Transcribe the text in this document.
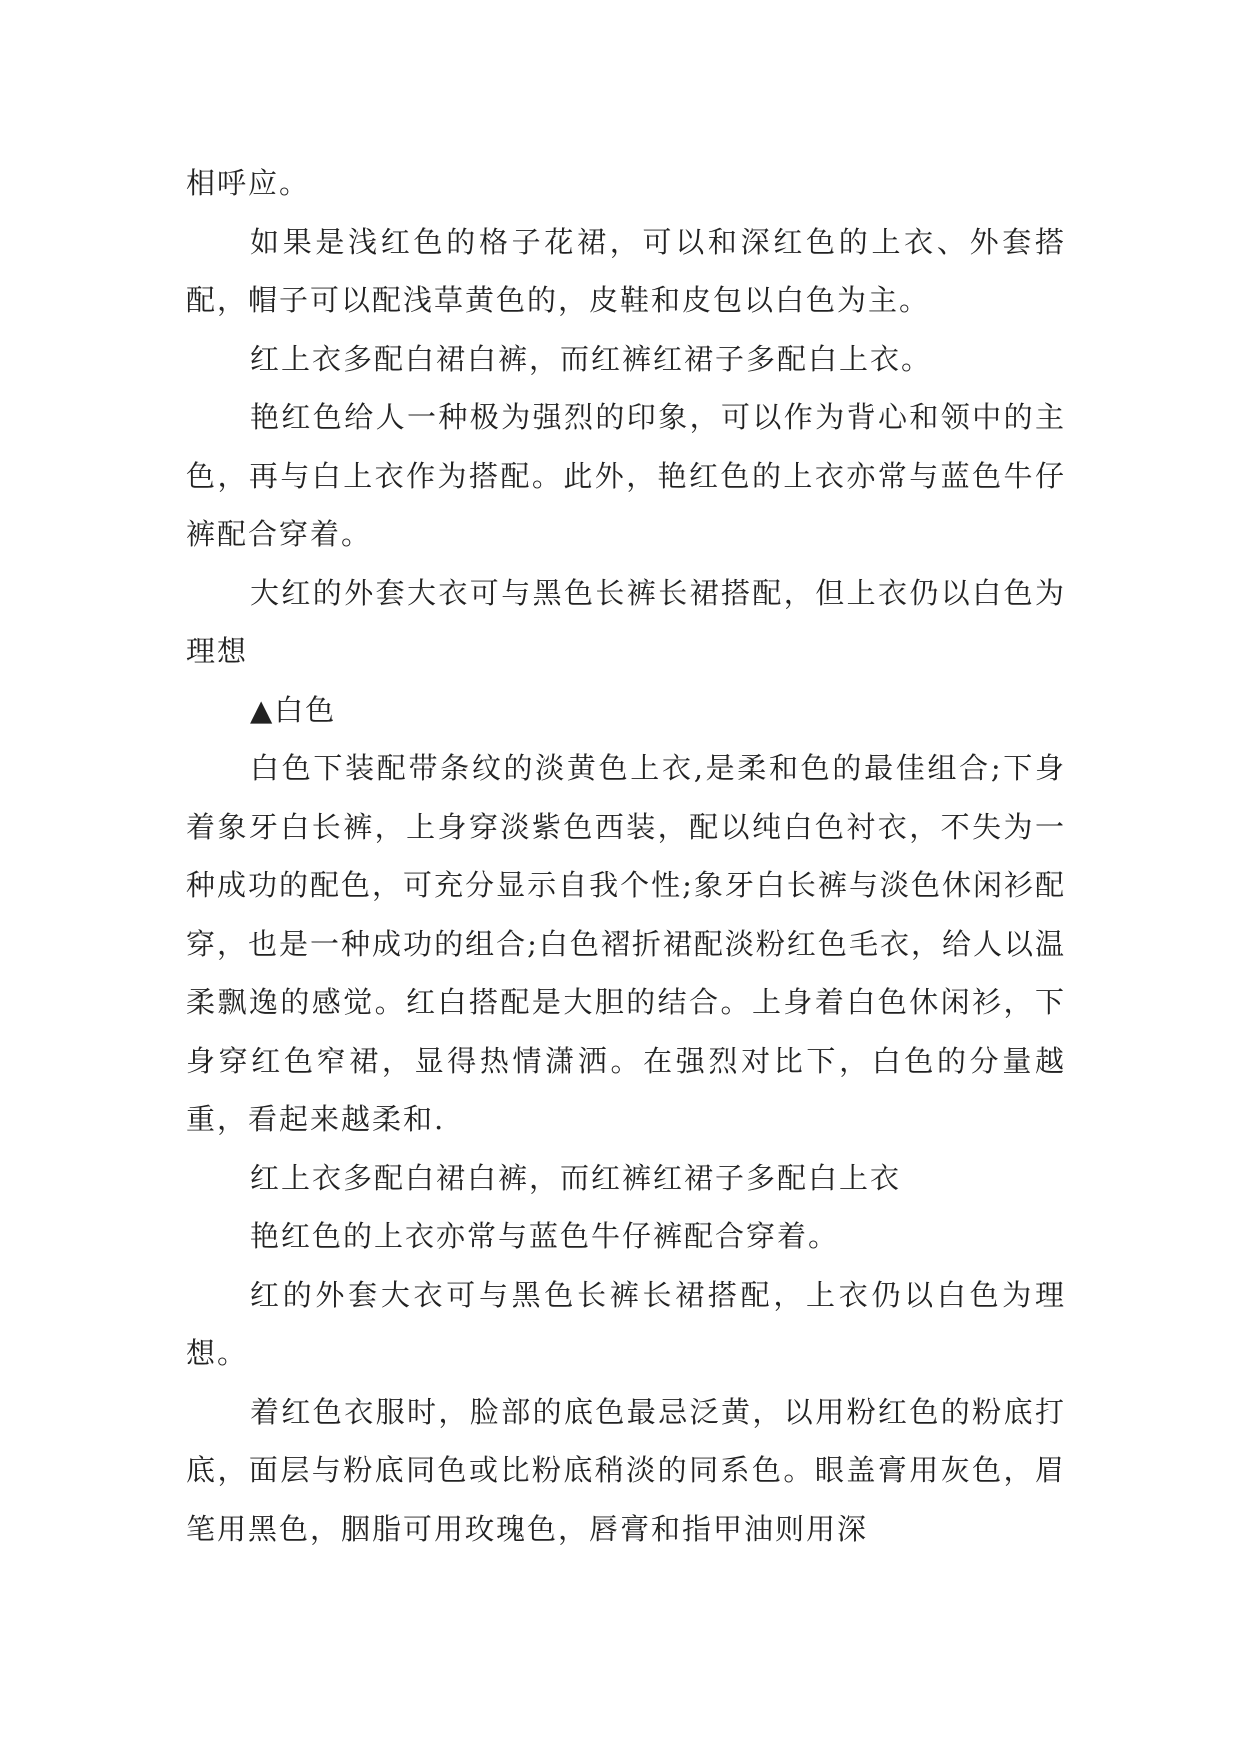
相呼应。

如果是浅红色的格子花裙，可以和深红色的上衣、外套搭配，帽子可以配浅草黄色的，皮鞋和皮包以白色为主。

红上衣多配白裙白裤，而红裤红裙子多配白上衣。

艳红色给人一种极为强烈的印象，可以作为背心和领中的主色，再与白上衣作为搭配。此外，艳红色的上衣亦常与蓝色牛仔裤配合穿着。

大红的外套大衣可与黑色长裤长裙搭配，但上衣仍以白色为理想

▲白色

白色下装配带条纹的淡黄色上衣,是柔和色的最佳组合;下身着象牙白长裤，上身穿淡紫色西装，配以纯白色衬衣，不失为一种成功的配色，可充分显示自我个性;象牙白长裤与淡色休闲衫配穿，也是一种成功的组合;白色褶折裙配淡粉红色毛衣，给人以温柔飘逸的感觉。红白搭配是大胆的结合。上身着白色休闲衫，下身穿红色窄裙，显得热情潇洒。在强烈对比下，白色的分量越重，看起来越柔和.

红上衣多配白裙白裤，而红裤红裙子多配白上衣

艳红色的上衣亦常与蓝色牛仔裤配合穿着。

红的外套大衣可与黑色长裤长裙搭配，上衣仍以白色为理想。

着红色衣服时，脸部的底色最忌泛黄，以用粉红色的粉底打底，面层与粉底同色或比粉底稍淡的同系色。眼盖膏用灰色，眉笔用黑色，胭脂可用玫瑰色，唇膏和指甲油则用深
